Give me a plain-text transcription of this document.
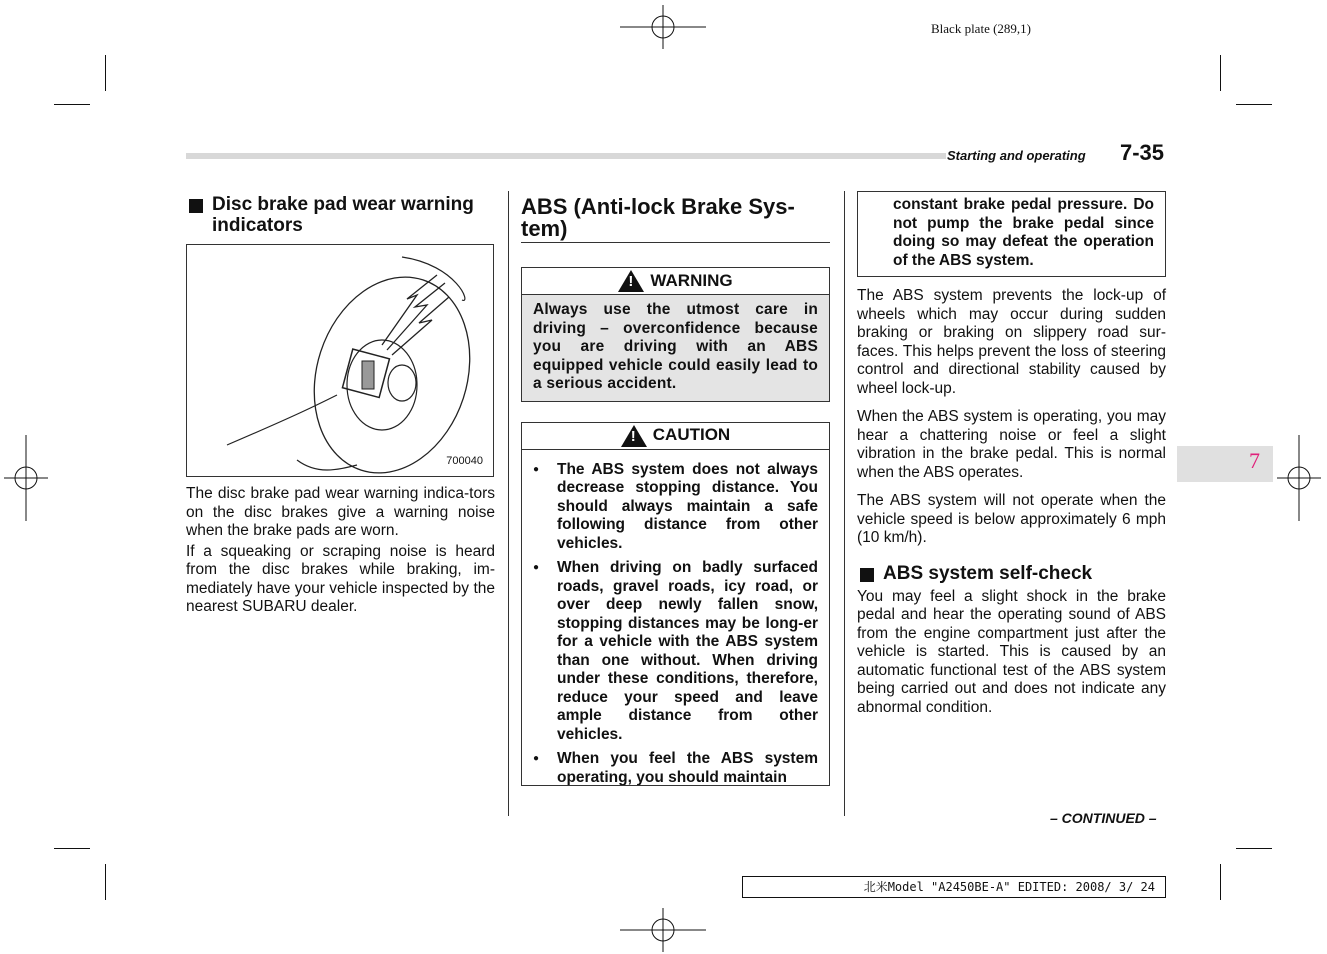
Black plate (289,1)
Starting and operating 7-35
7
Disc brake pad wear warning indicators
700040

The disc brake pad wear warning indica-tors on the disc brakes give a warning noise when the brake pads are worn.

If a squeaking or scraping noise is heard from the disc brakes while braking, im-mediately have your vehicle inspected by the nearest SUBARU dealer.

ABS (Anti-lock Brake Sys-tem)
!
WARNING

Always use the utmost care in driving – overconfidence because you are driving with an ABS equipped vehicle could easily lead to a serious accident.

!
CAUTION
● The ABS system does not always decrease stopping distance. You should always maintain a safe following distance from other vehicles.
● When driving on badly surfaced roads, gravel roads, icy road, or over deep newly fallen snow, stopping distances may be long-er for a vehicle with the ABS system than one without. When driving under these conditions, therefore, reduce your speed and leave ample distance from other vehicles.
● When you feel the ABS system operating, you should maintain

constant brake pedal pressure. Do not pump the brake pedal since doing so may defeat the operation of the ABS system.

The ABS system prevents the lock-up of wheels which may occur during sudden braking or braking on slippery road sur-faces. This helps prevent the loss of steering control and directional stability caused by wheel lock-up.

When the ABS system is operating, you may hear a chattering noise or feel a slight vibration in the brake pedal. This is normal when the ABS operates.

The ABS system will not operate when the vehicle speed is below approximately 6 mph (10 km/h).

ABS system self-check

You may feel a slight shock in the brake pedal and hear the operating sound of ABS from the engine compartment just after the vehicle is started. This is caused by an automatic functional test of the ABS system being carried out and does not indicate any abnormal condition.

– CONTINUED –
北米Model "A2450BE-A" EDITED: 2008/ 3/ 24
